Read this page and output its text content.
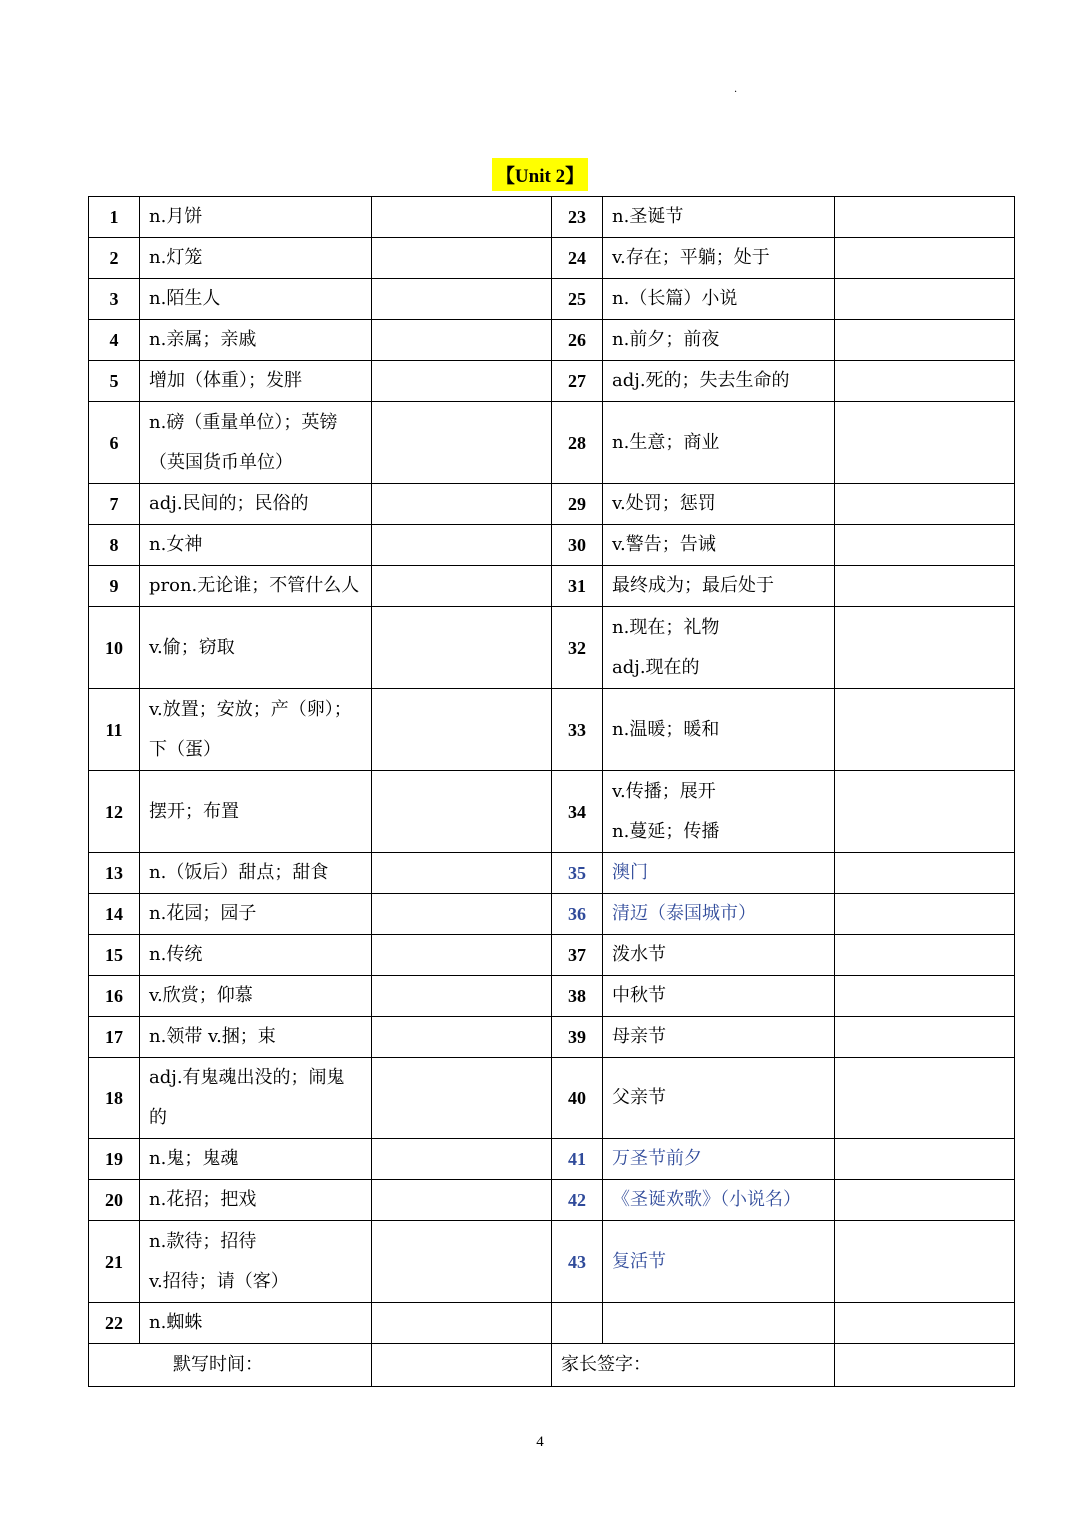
.
【Unit 2】
1	n.月饼		23	n.圣诞节	

2	n.灯笼		24	v.存在；平躺；处于	

3	n.陌生人		25	n.（长篇）小说	

4	n.亲属；亲戚		26	n.前夕；前夜	

5	增加（体重）；发胖		27	adj.死的；失去生命的	

6	n.磅（重量单位）；英镑
（英国货币单位）		28	n.生意；商业	

7	adj.民间的；民俗的		29	v.处罚；惩罚	

8	n.女神		30	v.警告；告诫	

9	pron.无论谁；不管什么人		31	最终成为；最后处于	

10	v.偷；窃取		32	n.现在；礼物
adj.现在的	

11	v.放置；安放；产（卵）；
下（蛋）		33	n.温暖；暖和	

12	摆开；布置		34	v.传播；展开
n.蔓延；传播	

13	n.（饭后）甜点；甜食		35	澳门	

14	n.花园；园子		36	清迈（泰国城市）	

15	n.传统		37	泼水节	

16	v.欣赏；仰慕		38	中秋节	

17	n.领带 v.捆；束		39	母亲节	

18	adj.有鬼魂出没的；闹鬼的		40	父亲节	

19	n.鬼；鬼魂		41	万圣节前夕	

20	n.花招；把戏		42	《圣诞欢歌》（小说名）	

21	n.款待；招待
v.招待；请（客）		43	复活节	

22	n.蜘蛛				

默写时间：			家长签字：		
4
